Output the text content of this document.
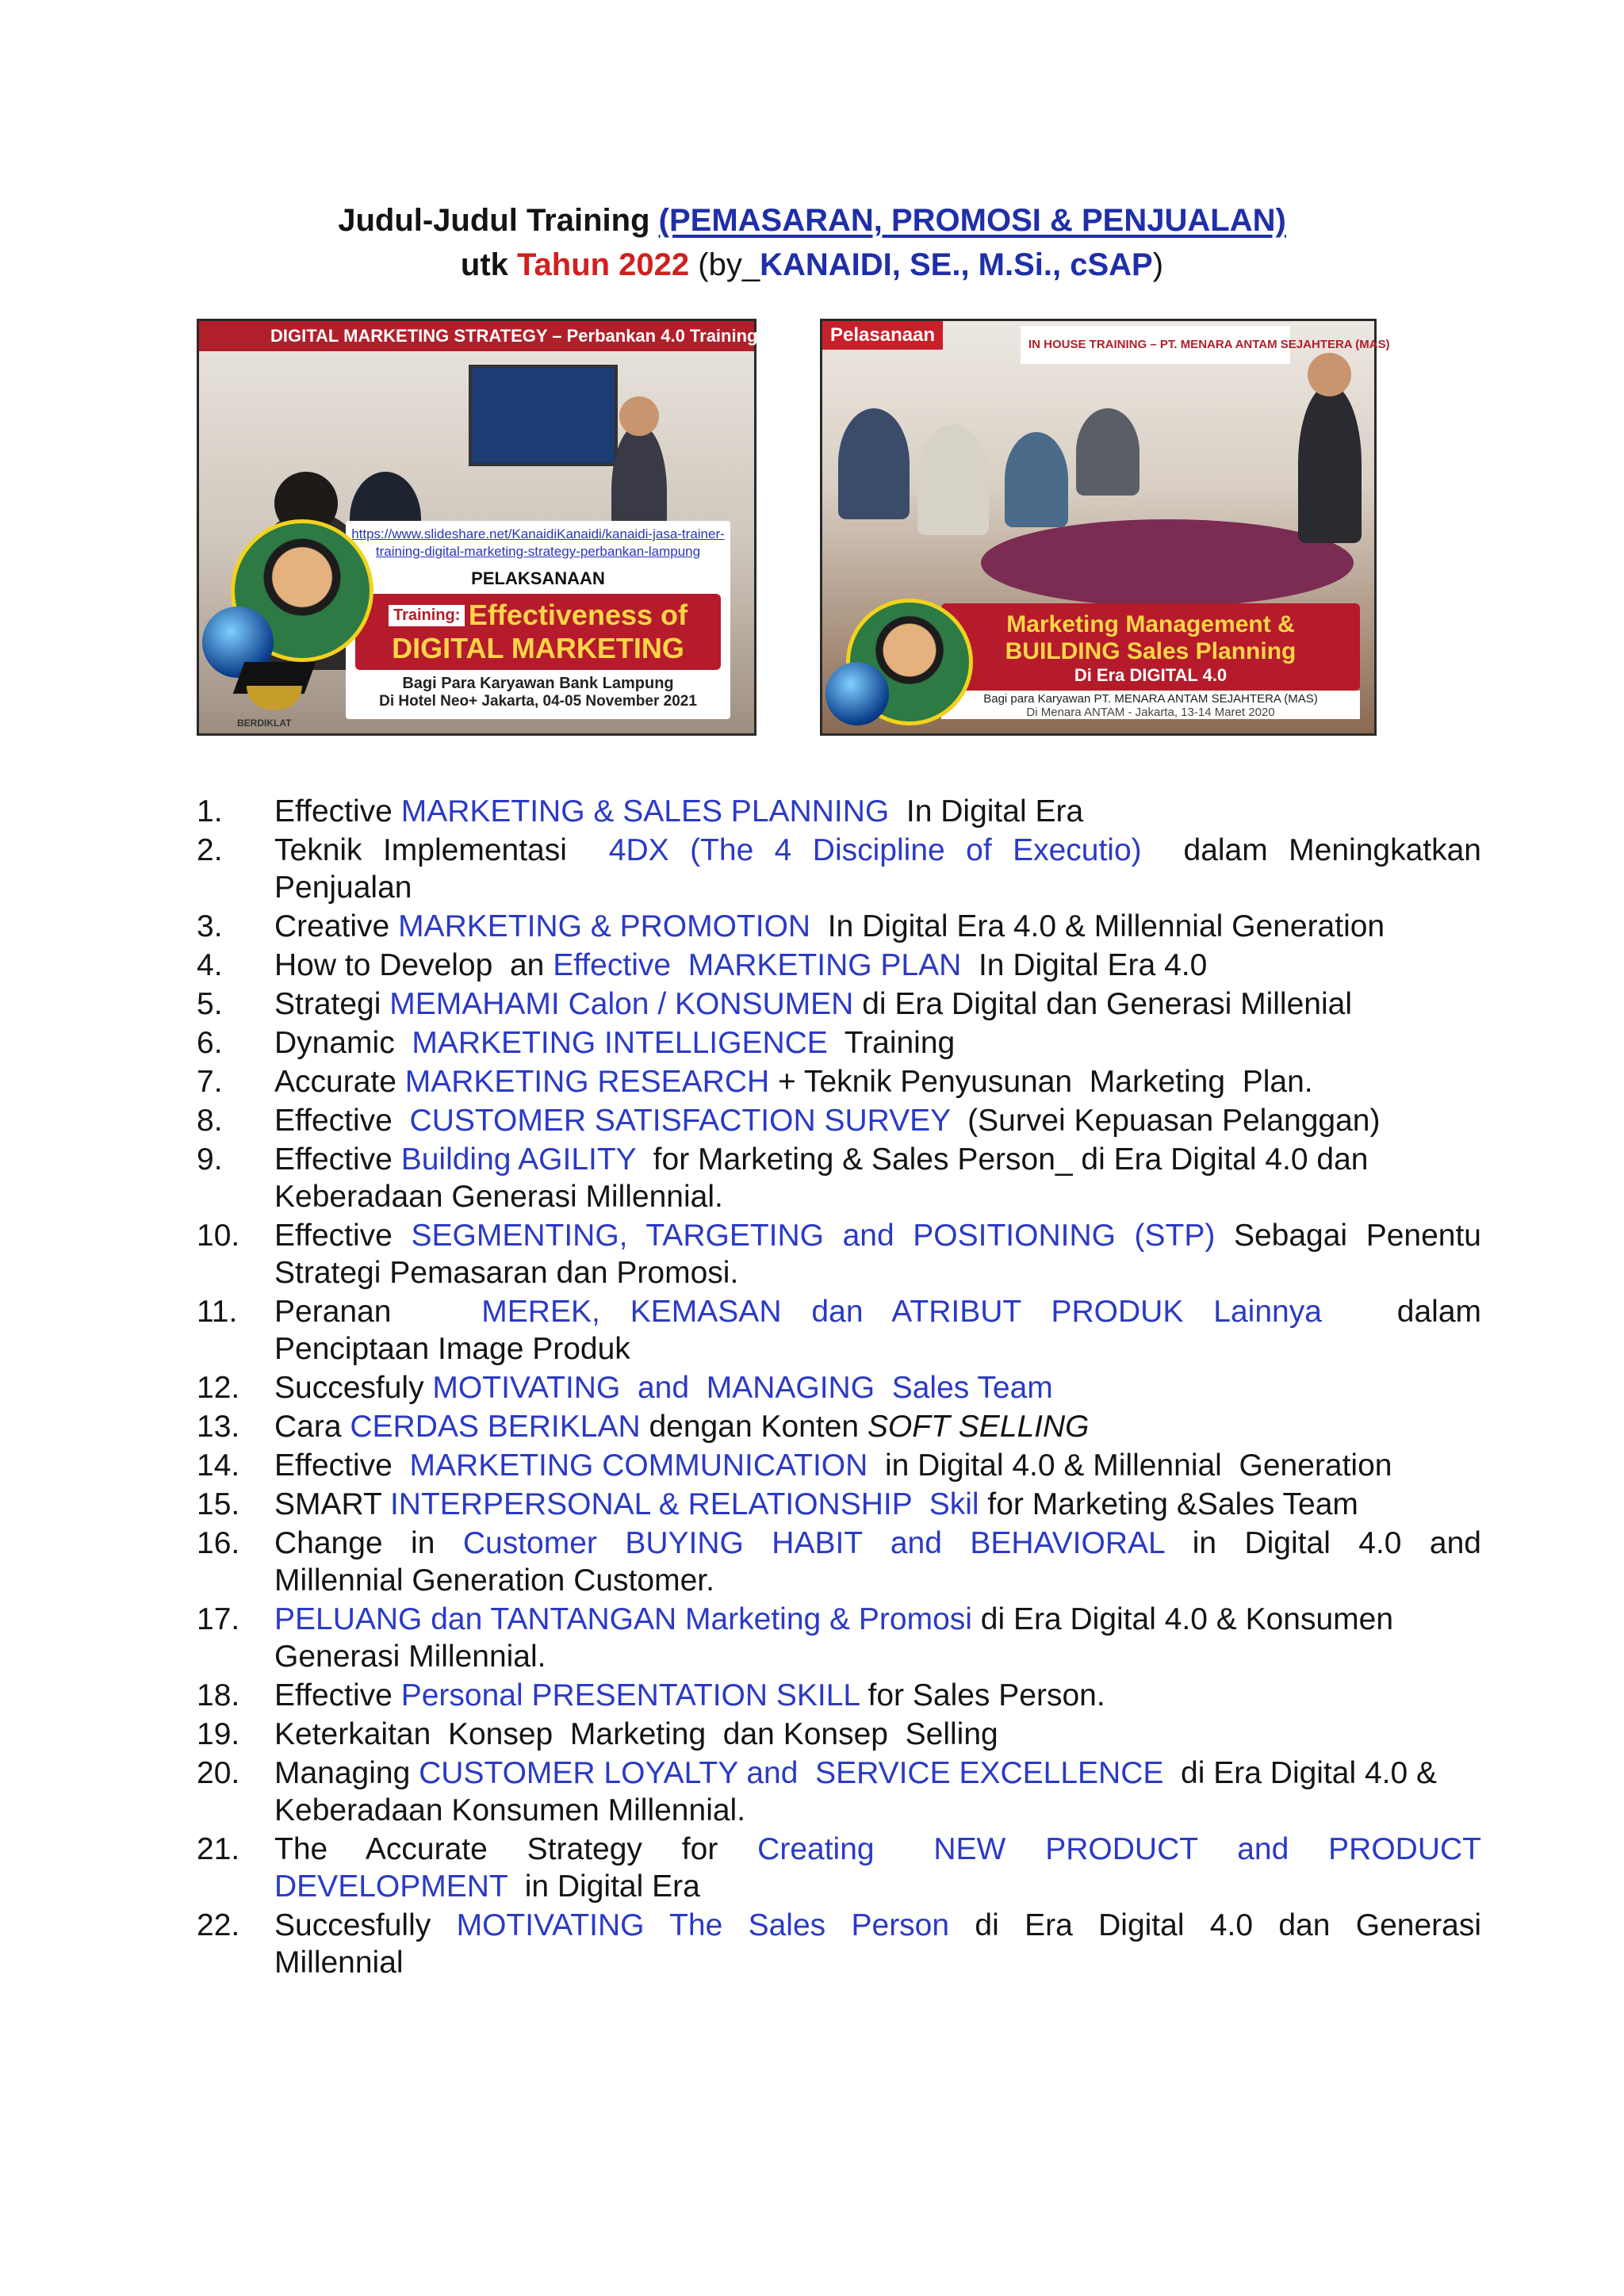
Judul-Judul Training (PEMASARAN, PROMOSI & PENJUALAN)
utk Tahun 2022 (by_KANAIDI, SE., M.Si., cSAP)
DIGITAL MARKETING STRATEGY – Perbankan 4.0 Training
https://www.slideshare.net/KanaidiKanaidi/kanaidi-jasa-trainer-training-digital-marketing-strategy-perbankan-lampung
PELAKSANAAN
Training: Effectiveness of
DIGITAL MARKETING
Bagi Para Karyawan Bank Lampung
Di Hotel Neo+ Jakarta, 04-05 November 2021
BERDIKLAT
Pelasanaan	IN HOUSE TRAINING – PT. MENARA ANTAM SEJAHTERA (MAS)
Marketing Management &
BUILDING Sales Planning
Di Era DIGITAL 4.0
Bagi para Karyawan PT. MENARA ANTAM SEJAHTERA (MAS)
Di Menara ANTAM - Jakarta, 13-14 Maret 2020
1. Effective MARKETING & SALES PLANNING  In Digital Era
2. Teknik Implementasi  4DX (The 4 Discipline of Executio)  dalam Meningkatkan Penjualan
3. Creative MARKETING & PROMOTION  In Digital Era 4.0 & Millennial Generation
4. How to Develop  an Effective  MARKETING PLAN  In Digital Era 4.0
5. Strategi MEMAHAMI Calon / KONSUMEN di Era Digital dan Generasi Millenial
6. Dynamic  MARKETING INTELLIGENCE  Training
7. Accurate MARKETING RESEARCH + Teknik Penyusunan  Marketing  Plan.
8. Effective  CUSTOMER SATISFACTION SURVEY  (Survei Kepuasan Pelanggan)
9. Effective Building AGILITY  for Marketing & Sales Person_ di Era Digital 4.0 dan Keberadaan Generasi Millennial.
10. Effective SEGMENTING, TARGETING and POSITIONING (STP) Sebagai Penentu Strategi Pemasaran dan Promosi.
11. Peranan      MEREK,  KEMASAN  dan  ATRIBUT  PRODUK  Lainnya     dalam Penciptaan Image Produk
12. Succesfuly MOTIVATING  and  MANAGING  Sales Team
13. Cara CERDAS BERIKLAN dengan Konten SOFT SELLING
14. Effective  MARKETING COMMUNICATION  in Digital 4.0 & Millennial  Generation
15. SMART INTERPERSONAL & RELATIONSHIP  Skil for Marketing &Sales Team
16. Change  in  Customer  BUYING  HABIT  and  BEHAVIORAL  in  Digital  4.0  and Millennial Generation Customer.
17. PELUANG dan TANTANGAN Marketing & Promosi di Era Digital 4.0 & Konsumen Generasi Millennial.
18. Effective Personal PRESENTATION SKILL for Sales Person.
19. Keterkaitan  Konsep  Marketing  dan Konsep  Selling
20. Managing CUSTOMER LOYALTY and  SERVICE EXCELLENCE  di Era Digital 4.0 & Keberadaan Konsumen Millennial.
21. The  Accurate  Strategy  for  Creating   NEW  PRODUCT  and  PRODUCT DEVELOPMENT  in Digital Era
22. Succesfully  MOTIVATING  The  Sales  Person  di  Era  Digital  4.0  dan  Generasi Millennial
